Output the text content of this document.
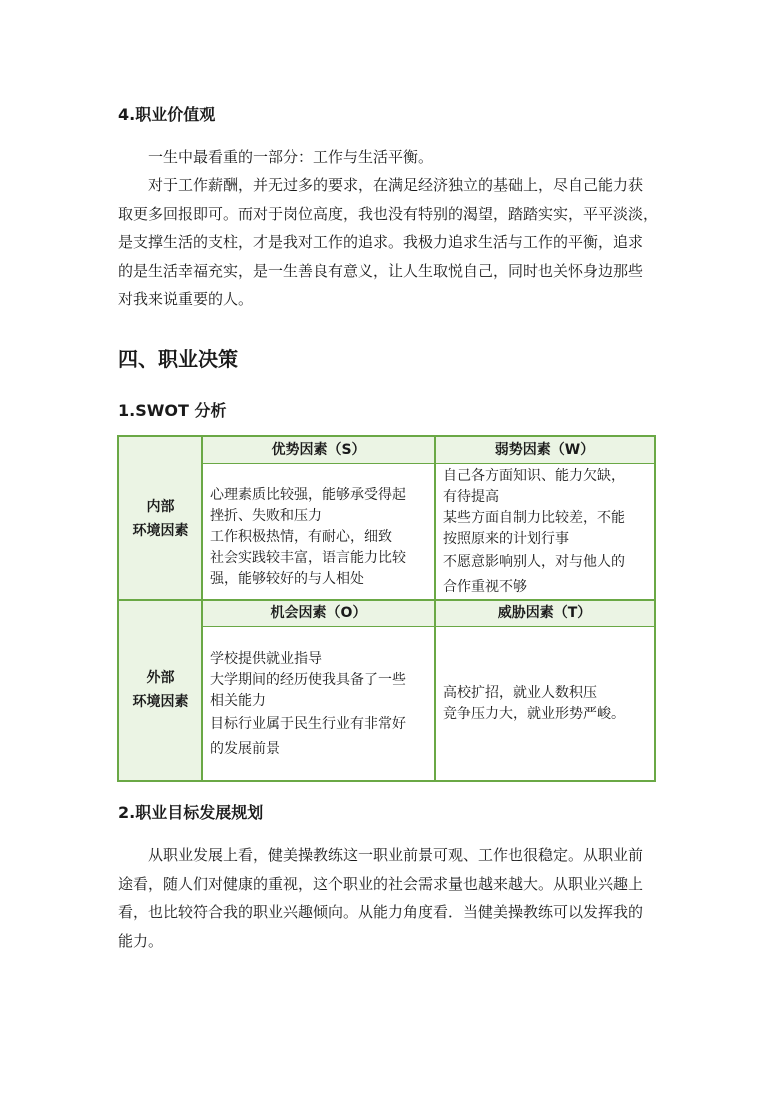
4.职业价值观

一生中最看重的一部分：工作与生活平衡。

对于工作薪酬，并无过多的要求，在满足经济独立的基础上，尽自己能力获
取更多回报即可。而对于岗位高度，我也没有特别的渴望，踏踏实实，平平淡淡，
是支撑生活的支柱，才是我对工作的追求。我极力追求生活与工作的平衡，追求
的是生活幸福充实，是一生善良有意义，让人生取悦自己，同时也关怀身边那些
对我来说重要的人。

四、职业决策
1.SWOT 分析
内部
环境因素
外部
环境因素
优势因素（S）	弱势因素（W）
心理素质比较强，能够承受得起
挫折、失败和压力
工作积极热情，有耐心，细致
社会实践较丰富，语言能力比较
强，能够较好的与人相处
自己各方面知识、能力欠缺，
有待提高
某些方面自制力比较差，不能
按照原来的计划行事
不愿意影响别人，对与他人的
合作重视不够
机会因素（O）	威胁因素（T）
学校提供就业指导
大学期间的经历使我具备了一些
相关能力
目标行业属于民生行业有非常好
的发展前景
高校扩招，就业人数积压
竞争压力大，就业形势严峻。
2.职业目标发展规划

从职业发展上看，健美操教练这一职业前景可观、工作也很稳定。从职业前
途看，随人们对健康的重视，这个职业的社会需求量也越来越大。从职业兴趣上
看，也比较符合我的职业兴趣倾向。从能力角度看．当健美操教练可以发挥我的
能力。
